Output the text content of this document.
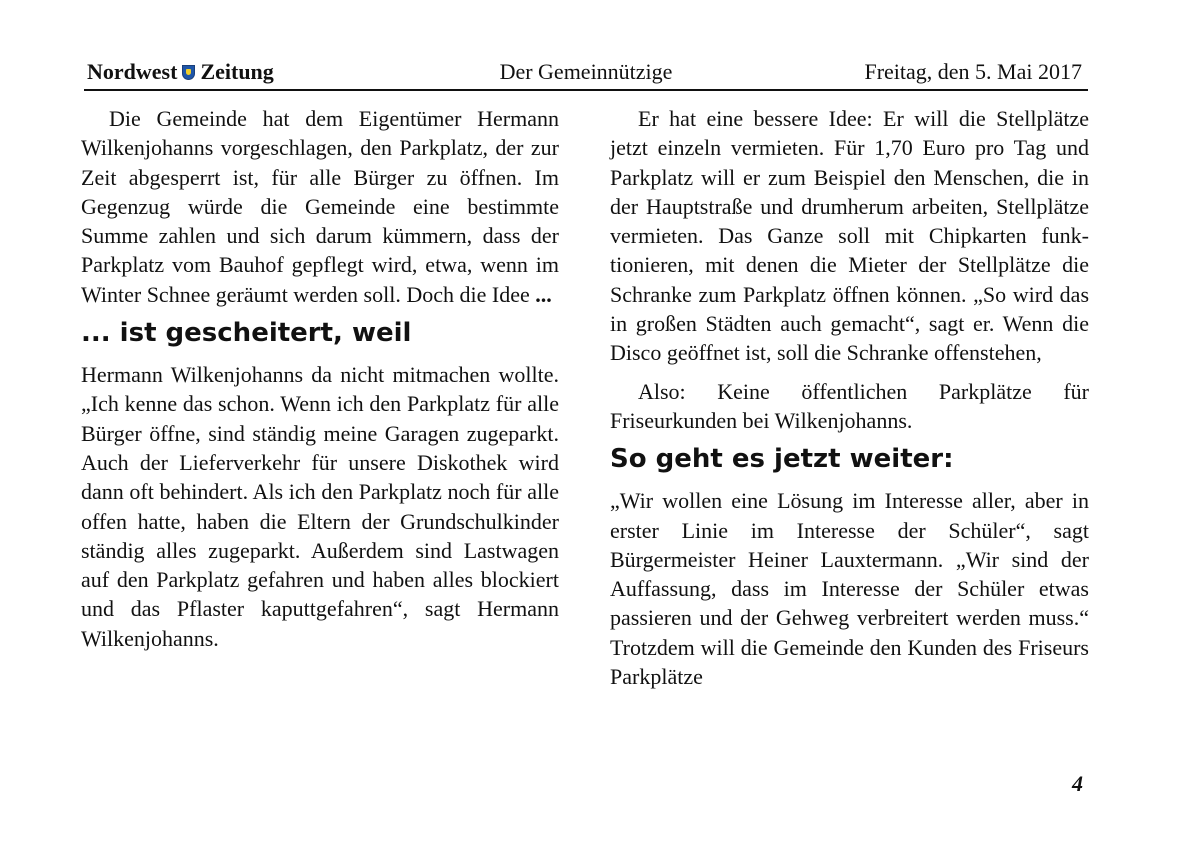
Nordwest Zeitung	Der Gemeinnützige	Freitag, den 5. Mai 2017

Die Gemeinde hat dem Eigentümer Hermann Wilkenjohanns vorgeschlagen, den Parkplatz, der zur Zeit abgesperrt ist, für alle Bürger zu öffnen. Im Gegenzug würde die Gemeinde eine bestimmte Summe zahlen und sich darum kümmern, dass der Parkplatz vom Bauhof gepflegt wird, etwa, wenn im Winter Schnee geräumt werden soll. Doch die Idee ...

... ist gescheitert, weil

Hermann Wilkenjohanns da nicht mitmachen wollte. „Ich kenne das schon. Wenn ich den Parkplatz für alle Bürger öffne, sind ständig meine Garagen zugeparkt. Auch der Lieferverkehr für unsere Diskothek wird dann oft behindert. Als ich den Parkplatz noch für alle offen hatte, haben die Eltern der Grundschulkinder ständig alles zugeparkt. Außerdem sind Lastwagen auf den Parkplatz gefahren und haben alles blockiert und das Pflaster kaputtgefahren“, sagt Hermann Wilkenjohanns.

Er hat eine bessere Idee: Er will die Stellplätze jetzt einzeln vermieten. Für 1,70 Euro pro Tag und Parkplatz will er zum Beispiel den Menschen, die in der Hauptstraße und drumherum arbeiten, Stellplätze vermieten. Das Ganze soll mit Chipkarten funktionieren, mit denen die Mieter der Stellplätze die Schranke zum Parkplatz öffnen können. „So wird das in großen Städten auch gemacht“, sagt er. Wenn die Disco geöffnet ist, soll die Schranke offenstehen,

Also: Keine öffentlichen Parkplätze für Friseurkunden bei Wilkenjohanns.

So geht es jetzt weiter:

„Wir wollen eine Lösung im Interesse aller, aber in erster Linie im Interesse der Schüler“, sagt Bürgermeister Heiner Lauxtermann. „Wir sind der Auffassung, dass im Interesse der Schüler etwas passieren und der Gehweg verbreitert werden muss.“ Trotzdem will die Gemeinde den Kunden des Friseurs Parkplätze

4
